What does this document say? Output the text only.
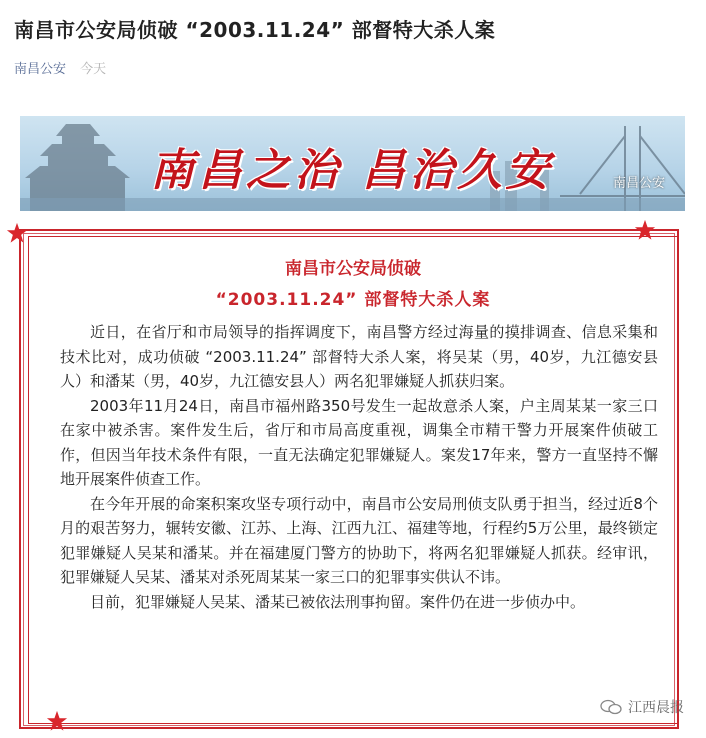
南昌市公安局侦破 “2003.11.24” 部督特大杀人案
南昌公安 今天
南昌之治 昌治久安	南昌公安
南昌市公安局侦破
“2003.11.24” 部督特大杀人案

近日，在省厅和市局领导的指挥调度下，南昌警方经过海量的摸排调查、信息采集和技术比对，成功侦破 “2003.11.24” 部督特大杀人案，将吴某（男，40岁，九江德安县人）和潘某（男，40岁，九江德安县人）两名犯罪嫌疑人抓获归案。

2003年11月24日，南昌市福州路350号发生一起故意杀人案，户主周某某一家三口在家中被杀害。案件发生后，省厅和市局高度重视，调集全市精干警力开展案件侦破工作，但因当年技术条件有限，一直无法确定犯罪嫌疑人。案发17年来，警方一直坚持不懈地开展案件侦查工作。

在今年开展的命案积案攻坚专项行动中，南昌市公安局刑侦支队勇于担当，经过近8个月的艰苦努力，辗转安徽、江苏、上海、江西九江、福建等地，行程约5万公里，最终锁定犯罪嫌疑人吴某和潘某。并在福建厦门警方的协助下，将两名犯罪嫌疑人抓获。经审讯，犯罪嫌疑人吴某、潘某对杀死周某某一家三口的犯罪事实供认不讳。

目前，犯罪嫌疑人吴某、潘某已被依法刑事拘留。案件仍在进一步侦办中。

江西晨报
